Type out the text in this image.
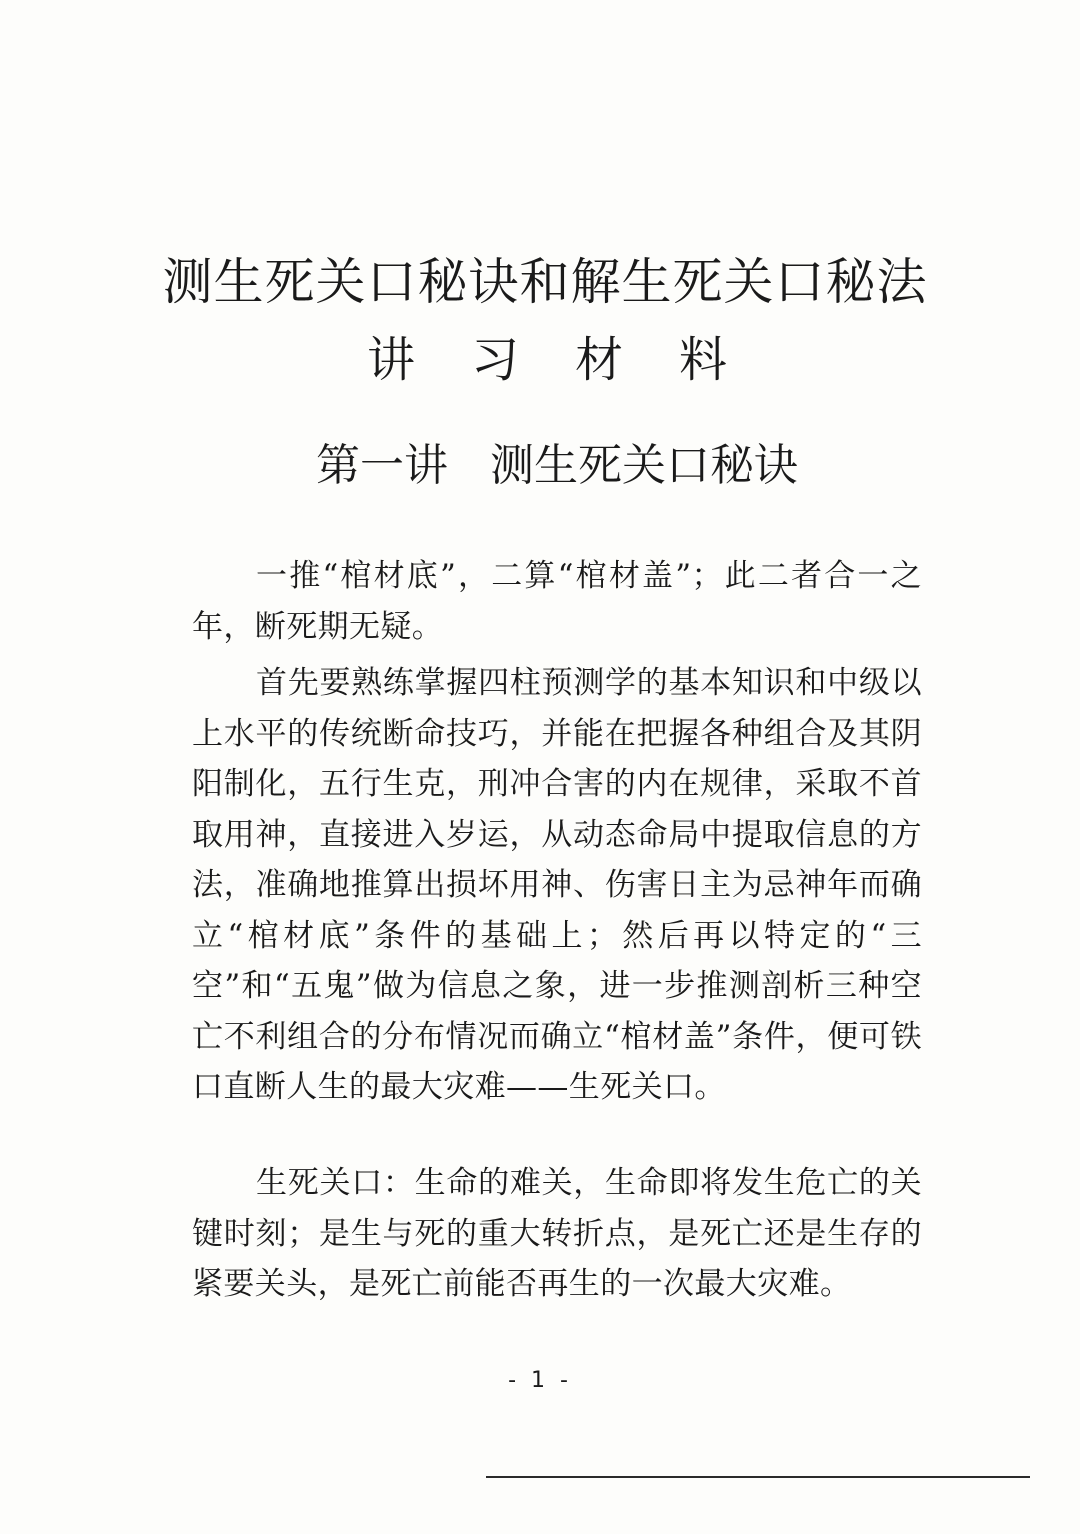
测生死关口秘诀和解生死关口秘法
讲 习 材 料
第一讲 测生死关口秘诀

一推“棺材底”，二算“棺材盖”；此二者合一之年，断死期无疑。

首先要熟练掌握四柱预测学的基本知识和中级以上水平的传统断命技巧，并能在把握各种组合及其阴阳制化，五行生克，刑冲合害的内在规律，采取不首取用神，直接进入岁运，从动态命局中提取信息的方法，准确地推算出损坏用神、伤害日主为忌神年而确立“棺材底”条件的基础上；然后再以特定的“三空”和“五鬼”做为信息之象，进一步推测剖析三种空亡不利组合的分布情况而确立“棺材盖”条件，便可铁口直断人生的最大灾难——生死关口。

生死关口：生命的难关，生命即将发生危亡的关键时刻；是生与死的重大转折点，是死亡还是生存的紧要关头，是死亡前能否再生的一次最大灾难。

- 1 -
